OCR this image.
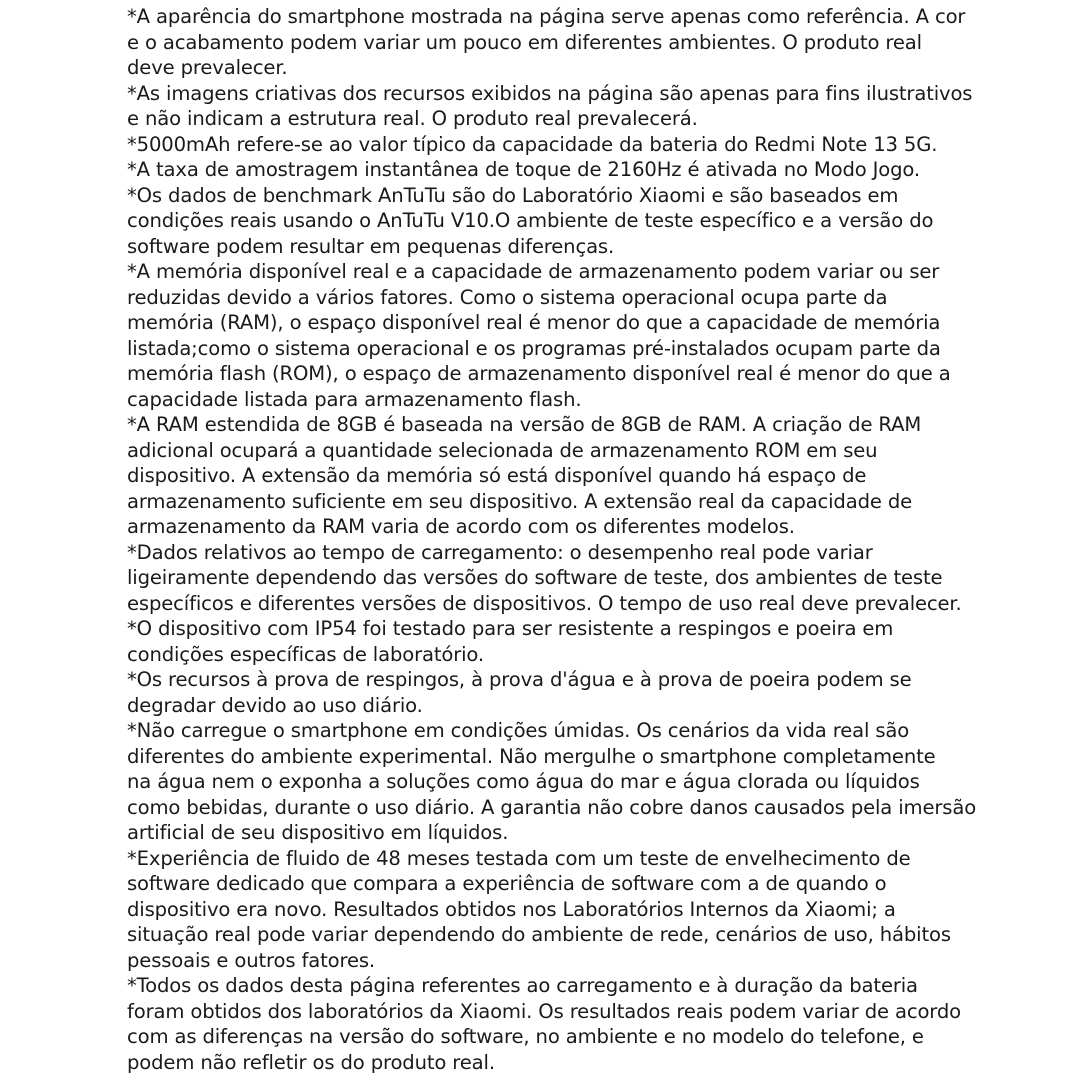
*A aparência do smartphone mostrada na página serve apenas como referência. A cor
e o acabamento podem variar um pouco em diferentes ambientes. O produto real
deve prevalecer.
*As imagens criativas dos recursos exibidos na página são apenas para fins ilustrativos
e não indicam a estrutura real. O produto real prevalecerá.
*5000mAh refere-se ao valor típico da capacidade da bateria do Redmi Note 13 5G.
*A taxa de amostragem instantânea de toque de 2160Hz é ativada no Modo Jogo.
*Os dados de benchmark AnTuTu são do Laboratório Xiaomi e são baseados em
condições reais usando o AnTuTu V10.O ambiente de teste específico e a versão do
software podem resultar em pequenas diferenças.
*A memória disponível real e a capacidade de armazenamento podem variar ou ser
reduzidas devido a vários fatores. Como o sistema operacional ocupa parte da
memória (RAM), o espaço disponível real é menor do que a capacidade de memória
listada;como o sistema operacional e os programas pré-instalados ocupam parte da
memória flash (ROM), o espaço de armazenamento disponível real é menor do que a
capacidade listada para armazenamento flash.
*A RAM estendida de 8GB é baseada na versão de 8GB de RAM. A criação de RAM
adicional ocupará a quantidade selecionada de armazenamento ROM em seu
dispositivo. A extensão da memória só está disponível quando há espaço de
armazenamento suficiente em seu dispositivo. A extensão real da capacidade de
armazenamento da RAM varia de acordo com os diferentes modelos.
*Dados relativos ao tempo de carregamento: o desempenho real pode variar
ligeiramente dependendo das versões do software de teste, dos ambientes de teste
específicos e diferentes versões de dispositivos. O tempo de uso real deve prevalecer.
*O dispositivo com IP54 foi testado para ser resistente a respingos e poeira em
condições específicas de laboratório.
*Os recursos à prova de respingos, à prova d'água e à prova de poeira podem se
degradar devido ao uso diário.
*Não carregue o smartphone em condições úmidas. Os cenários da vida real são
diferentes do ambiente experimental. Não mergulhe o smartphone completamente
na água nem o exponha a soluções como água do mar e água clorada ou líquidos
como bebidas, durante o uso diário. A garantia não cobre danos causados pela imersão
artificial de seu dispositivo em líquidos.
*Experiência de fluido de 48 meses testada com um teste de envelhecimento de
software dedicado que compara a experiência de software com a de quando o
dispositivo era novo. Resultados obtidos nos Laboratórios Internos da Xiaomi; a
situação real pode variar dependendo do ambiente de rede, cenários de uso, hábitos
pessoais e outros fatores.
*Todos os dados desta página referentes ao carregamento e à duração da bateria
foram obtidos dos laboratórios da Xiaomi. Os resultados reais podem variar de acordo
com as diferenças na versão do software, no ambiente e no modelo do telefone, e
podem não refletir os do produto real.
